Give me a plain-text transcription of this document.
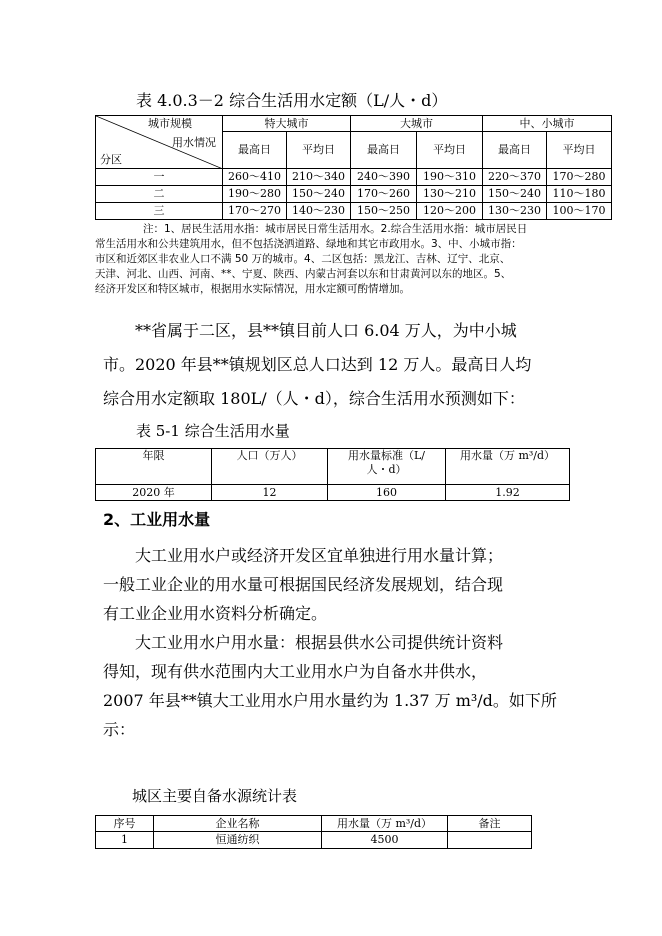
表 4.0.3－2 综合生活用水定额（L/人・d）
城市规模
用水情况
分区	特大城市		大城市		中、小城市	
	最高日	平均日	最高日	平均日	最高日	平均日
一	260～410	210～340	240～390	190～310	220～370	170～280
二	190～280	150～240	170～260	130～210	150～240	110～180
三	170～270	140～230	150～250	120～200	130～230	100～170
注：1、居民生活用水指：城市居民日常生活用水。2.综合生活用水指：城市居民日
常生活用水和公共建筑用水，但不包括浇洒道路、绿地和其它市政用水。3、中、小城市指：
市区和近郊区非农业人口不满 50 万的城市。4、二区包括：黑龙江、吉林、辽宁、北京、
天津、河北、山西、河南、**、宁夏、陕西、内蒙古河套以东和甘肃黄河以东的地区。5、
经济开发区和特区城市，根据用水实际情况，用水定额可酌情增加。
**省属于二区，县**镇目前人口 6.04 万人，为中小城
市。2020 年县**镇规划区总人口达到 12 万人。最高日人均
综合用水定额取 180L/（人・d），综合生活用水预测如下：
表 5-1 综合生活用水量
年限	人口（万人）	用水量标准（L/
人・d）	用水量（万 m³/d）
2020 年	12	160	1.92
2、工业用水量
大工业用水户或经济开发区宜单独进行用水量计算；
一般工业企业的用水量可根据国民经济发展规划，结合现
有工业企业用水资料分析确定。
大工业用水户用水量：根据县供水公司提供统计资料
得知，现有供水范围内大工业用水户为自备水井供水，
2007 年县**镇大工业用水户用水量约为 1.37 万 m³/d。如下所
示：
城区主要自备水源统计表
序号	企业名称	用水量（万 m³/d）	备注
1	恒通纺织	4500	
